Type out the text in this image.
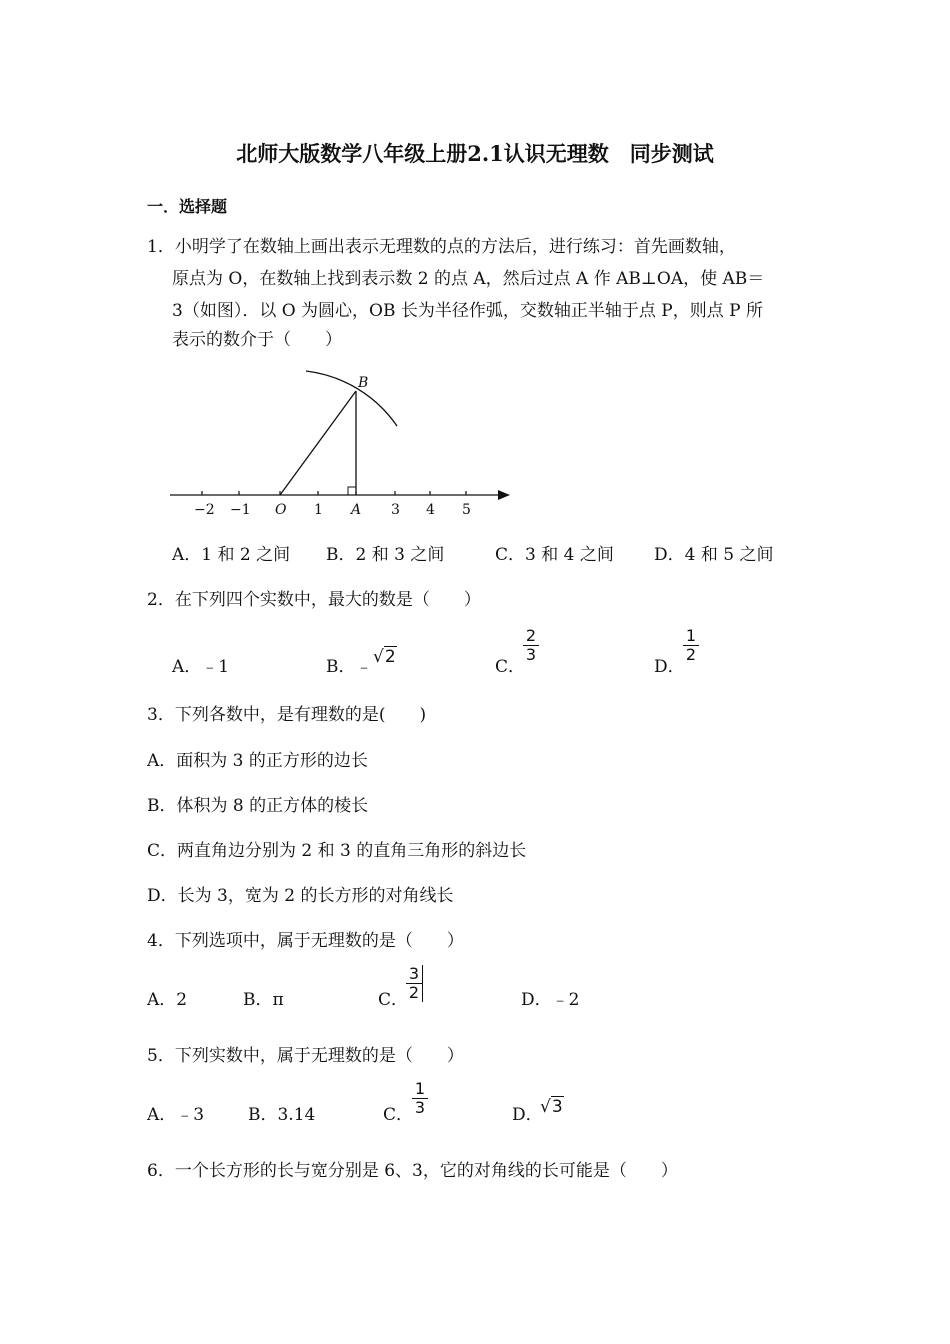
北师大版数学八年级上册2.1认识无理数　同步测试
一．选择题
1．小明学了在数轴上画出表示无理数的点的方法后，进行练习：首先画数轴，
原点为 O，在数轴上找到表示数 2 的点 A，然后过点 A 作 AB⊥OA，使 AB＝
3（如图）．以 O 为圆心，OB 长为半径作弧，交数轴正半轴于点 P，则点 P 所
表示的数介于（　　）
−2 −1 O 1 A 3 4 5
B
A．1 和 2 之间 B．2 和 3 之间	C．3 和 4 之间 D．4 和 5 之间
2．在下列四个实数中，最大的数是（　　）
A．﹣1	B．﹣ √2	C．
$\frac{2}{3}$
D．
$\frac{1}{2}$
3．下列各数中，是有理数的是(　　)
A．面积为 3 的正方形的边长
B．体积为 8 的正方体的棱长
C．两直角边分别为 2 和 3 的直角三角形的斜边长
D．长为 3，宽为 2 的长方形的对角线长
4．下列选项中，属于无理数的是（　　）
A．2	B．π	C．
$\frac{3}{2}$	D．﹣2
5．下列实数中，属于无理数的是（　　）
A．﹣3	B．3.14	C．
$\frac{1}{3}$	D．
√3
6．一个长方形的长与宽分别是 6、3，它的对角线的长可能是（　　）
